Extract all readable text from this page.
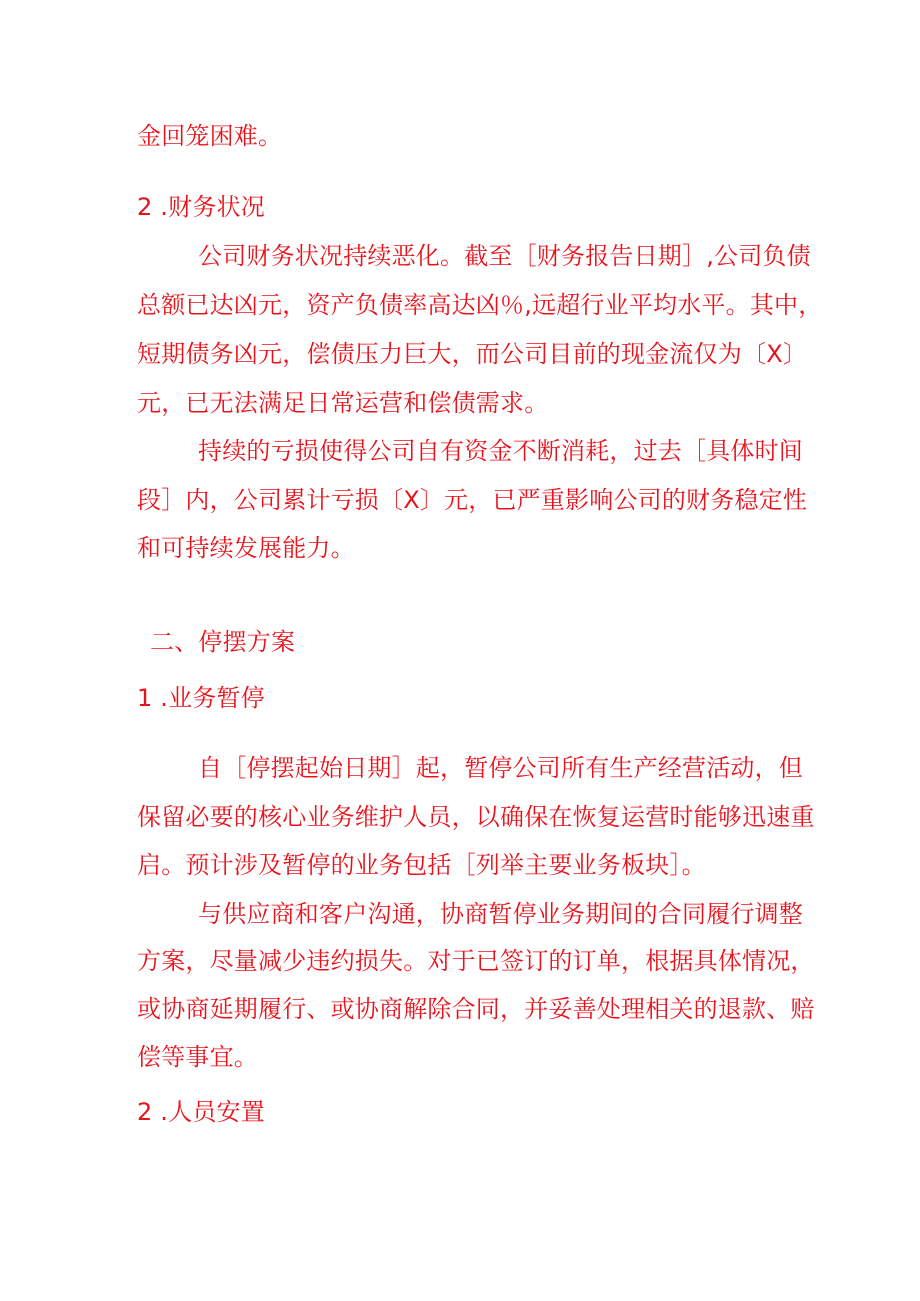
金回笼困难。
2 .财务状况
公司财务状况持续恶化。截至［财务报告日期］,公司负债
总额已达凶元，资产负债率高达凶％,远超行业平均水平。其中，
短期债务凶元，偿债压力巨大，而公司目前的现金流仅为〔X〕
元，已无法满足日常运营和偿债需求。
持续的亏损使得公司自有资金不断消耗，过去［具体时间
段］内，公司累计亏损〔X〕元，已严重影响公司的财务稳定性
和可持续发展能力。
二、停摆方案
1 .业务暂停
自［停摆起始日期］起，暂停公司所有生产经营活动，但
保留必要的核心业务维护人员，以确保在恢复运营时能够迅速重
启。预计涉及暂停的业务包括［列举主要业务板块］。
与供应商和客户沟通，协商暂停业务期间的合同履行调整
方案，尽量减少违约损失。对于已签订的订单，根据具体情况，
或协商延期履行、或协商解除合同，并妥善处理相关的退款、赔
偿等事宜。
2 .人员安置
